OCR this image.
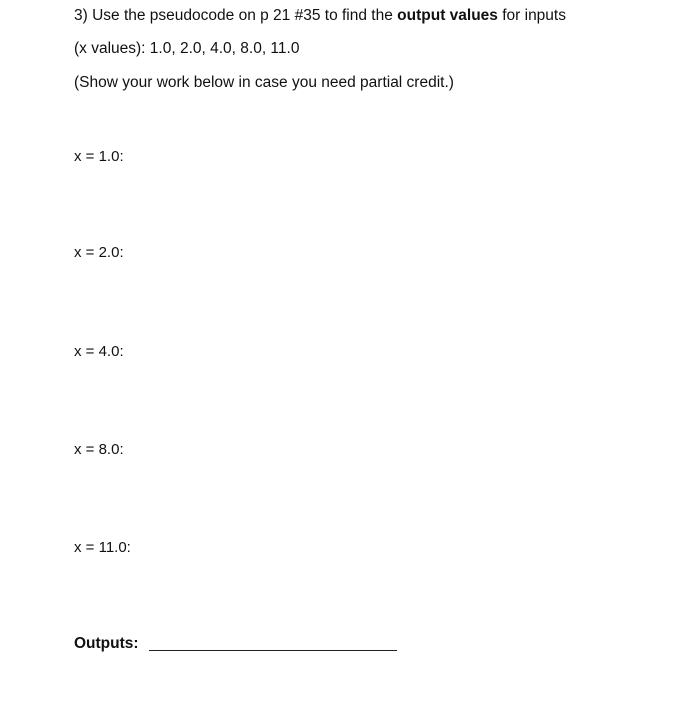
3) Use the pseudocode on p 21 #35 to find the output values for inputs
(x values): 1.0, 2.0, 4.0, 8.0, 11.0
(Show your work below in case you need partial credit.)
x = 1.0:
x = 2.0:
x = 4.0:
x = 8.0:
x = 11.0:
Outputs:
